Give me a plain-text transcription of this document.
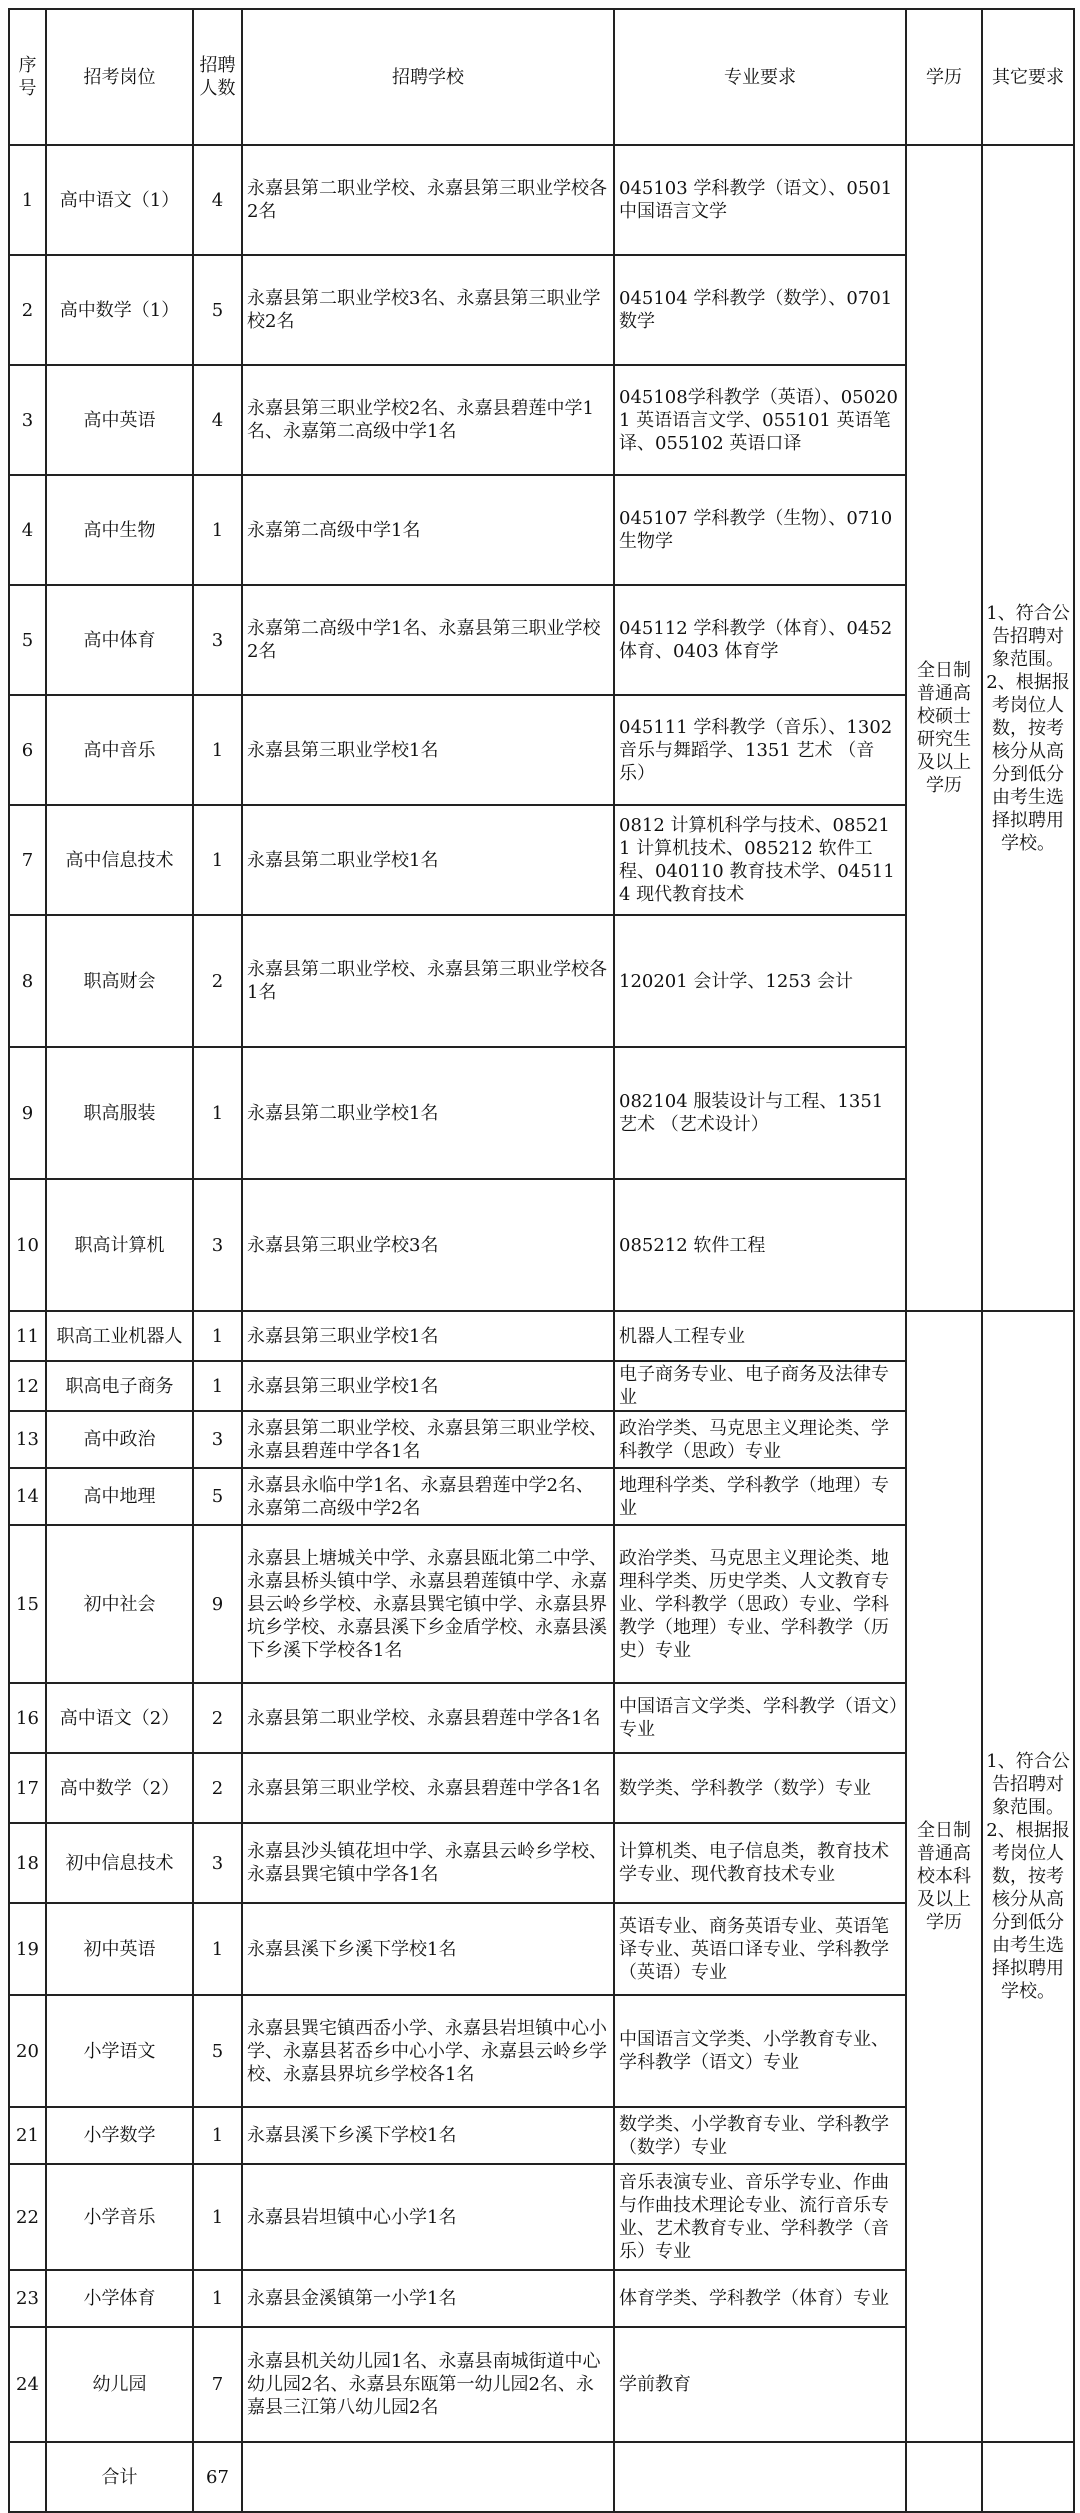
序号	招考岗位	招聘人数	招聘学校	专业要求	学历	其它要求
1	高中语文（1）	4	永嘉县第二职业学校、永嘉县第三职业学校各2名	045103 学科教学（语文）、0501 中国语言文学	全日制普通高校硕士研究生及以上学历	1、符合公告招聘对象范围。2、根据报考岗位人数，按考核分从高分到低分由考生选择拟聘用学校。
2	高中数学（1）	5	永嘉县第二职业学校3名、永嘉县第三职业学校2名	045104 学科教学（数学）、0701 数学		
3	高中英语	4	永嘉县第三职业学校2名、永嘉县碧莲中学1名、永嘉第二高级中学1名	045108学科教学（英语）、050201 英语语言文学、055101 英语笔译、055102 英语口译		
4	高中生物	1	永嘉第二高级中学1名	045107 学科教学（生物）、0710 生物学		
5	高中体育	3	永嘉第二高级中学1名、永嘉县第三职业学校2名	045112 学科教学（体育）、0452 体育、0403 体育学		
6	高中音乐	1	永嘉县第三职业学校1名	045111 学科教学（音乐）、1302 音乐与舞蹈学、1351 艺术 （音乐）		
7	高中信息技术	1	永嘉县第二职业学校1名	0812 计算机科学与技术、085211 计算机技术、085212 软件工程、040110 教育技术学、045114 现代教育技术		
8	职高财会	2	永嘉县第二职业学校、永嘉县第三职业学校各1名	120201 会计学、1253 会计		
9	职高服装	1	永嘉县第二职业学校1名	082104 服装设计与工程、1351 艺术 （艺术设计）		
10	职高计算机	3	永嘉县第三职业学校3名	085212 软件工程		
11	职高工业机器人	1	永嘉县第三职业学校1名	机器人工程专业	全日制普通高校本科及以上学历	1、符合公告招聘对象范围。2、根据报考岗位人数，按考核分从高分到低分由考生选择拟聘用学校。
12	职高电子商务	1	永嘉县第三职业学校1名	电子商务专业、电子商务及法律专业		
13	高中政治	3	永嘉县第二职业学校、永嘉县第三职业学校、永嘉县碧莲中学各1名	政治学类、马克思主义理论类、学科教学（思政）专业		
14	高中地理	5	永嘉县永临中学1名、永嘉县碧莲中学2名、永嘉第二高级中学2名	地理科学类、学科教学（地理）专业		
15	初中社会	9	永嘉县上塘城关中学、永嘉县瓯北第二中学、永嘉县桥头镇中学、永嘉县碧莲镇中学、永嘉县云岭乡学校、永嘉县巽宅镇中学、永嘉县界坑乡学校、永嘉县溪下乡金盾学校、永嘉县溪下乡溪下学校各1名	政治学类、马克思主义理论类、地理科学类、历史学类、人文教育专业、学科教学（思政）专业、学科教学（地理）专业、学科教学（历史）专业		
16	高中语文（2）	2	永嘉县第二职业学校、永嘉县碧莲中学各1名	中国语言文学类、学科教学（语文）专业		
17	高中数学（2）	2	永嘉县第三职业学校、永嘉县碧莲中学各1名	数学类、学科教学（数学）专业		
18	初中信息技术	3	永嘉县沙头镇花坦中学、永嘉县云岭乡学校、永嘉县巽宅镇中学各1名	计算机类、电子信息类，教育技术学专业、现代教育技术专业		
19	初中英语	1	永嘉县溪下乡溪下学校1名	英语专业、商务英语专业、英语笔译专业、英语口译专业、学科教学（英语）专业		
20	小学语文	5	永嘉县巽宅镇西岙小学、永嘉县岩坦镇中心小学、永嘉县茗岙乡中心小学、永嘉县云岭乡学校、永嘉县界坑乡学校各1名	中国语言文学类、小学教育专业、学科教学（语文）专业		
21	小学数学	1	永嘉县溪下乡溪下学校1名	数学类、小学教育专业、学科教学（数学）专业		
22	小学音乐	1	永嘉县岩坦镇中心小学1名	音乐表演专业、音乐学专业、作曲与作曲技术理论专业、流行音乐专业、艺术教育专业、学科教学（音乐）专业		
23	小学体育	1	永嘉县金溪镇第一小学1名	体育学类、学科教学（体育）专业		
24	幼儿园	7	永嘉县机关幼儿园1名、永嘉县南城街道中心幼儿园2名、永嘉县东瓯第一幼儿园2名、永嘉县三江第八幼儿园2名	学前教育		
	合计	67				
